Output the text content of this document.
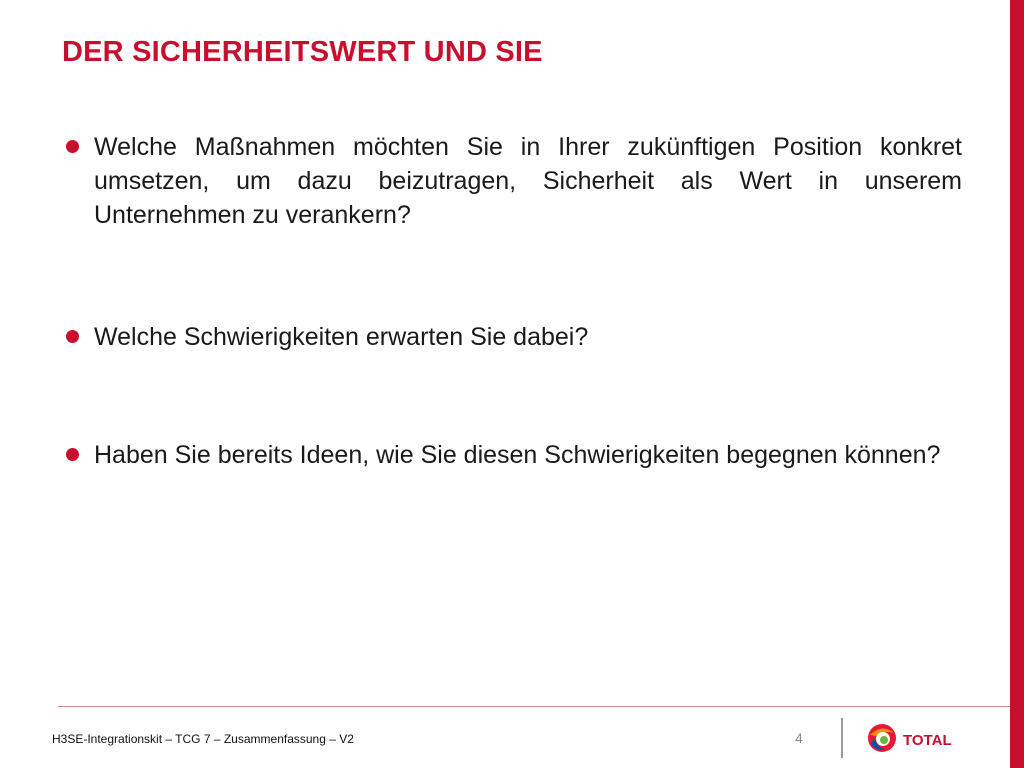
DER SICHERHEITSWERT UND SIE
Welche Maßnahmen möchten Sie in Ihrer zukünftigen Position konkret umsetzen, um dazu beizutragen, Sicherheit als Wert in unserem Unternehmen zu verankern?
Welche Schwierigkeiten erwarten Sie dabei?
Haben Sie bereits Ideen, wie Sie diesen Schwierigkeiten begegnen können?
H3SE-Integrationskit – TCG 7 – Zusammenfassung – V2	4	TOTAL
